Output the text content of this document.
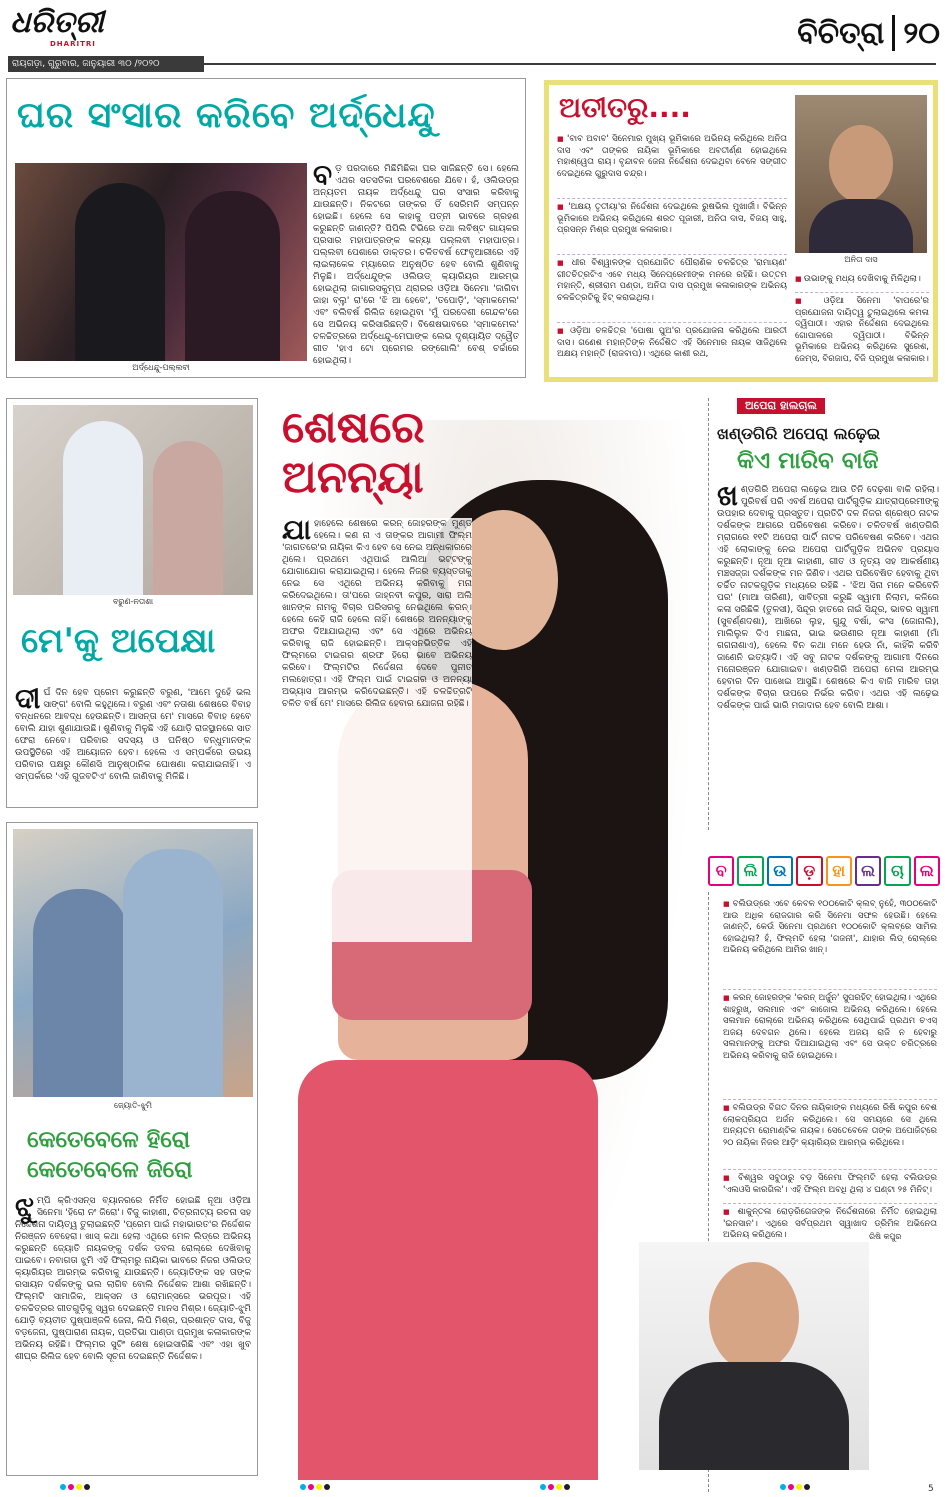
ଧରିତ୍ରୀ
DHARITRI
ରାୟଗଡ଼ା, ଗୁରୁବାର, ଜାନୁୟାରୀ ୩୦ /୨୦୨୦
ବିଚିତ୍ରା ୨୦
ଘର ସଂସାର କରିବେ ଅର୍ଦ୍ଧେନ୍ଦୁ
ଅର୍ଦ୍ଧେନ୍ଦୁ-ପଲ୍ଲବୀ
ବଡ଼ ପରଦାରେ ମିଛିମିଛିକା ଘର ସାଜିଛନ୍ତି ସେ। ହେଲେ ଏଥର ସତସତିକା ଘରବେଶରେ ଯିବେ। ହଁ, ଓଲିଉଡ୍‌ର ଅନ୍ୟତମ ନାୟକ ଅର୍ଦ୍ଧେନ୍ଦୁ ଘର ସଂସାର କରିବାକୁ ଯାଉଛନ୍ତି। ନିକଟରେ ତାଙ୍କର ଡିଁ ସେରିମନି ସମ୍ପନ୍ନ ହୋଇଛି। ହେଲେ ସେ କାହାକୁ ପତ୍ନୀ ଭାବରେ ଗ୍ରହଣ କରୁଛନ୍ତି ଜାଣନ୍ତି? ପିପିଲି ଟିଭିରେ ତଥା ଲବିଷ୍ଟ ଗାୟକର ପ୍ରସାର ମହାପାତ୍ରଙ୍କ କନ୍ୟା ପଲ୍ଲବୀ ମହାପାତ୍ର। ପଲ୍ଲବୀ ପେଶାରେ ଡାକ୍ତର। ଚଳିତବର୍ଷ ଫେବୃଆରୀରେ ଏହି ଲାଇଲାକେକ ମ୍ୟାରେଜ ଅନୁଷ୍ଠିତ ହେବ ବୋଲି ଶୁଣିବାକୁ ମିଳୁଛି। ଅର୍ଦ୍ଧେନ୍ଦୁଙ୍କ ଓଲିଉଡ୍ କ୍ୟାରିୟର ଆରମ୍ଭ ହୋଇଥିଲା ଜାଗାରସକୁମ୍ପ ଥ୍ରାରର ଓଡ଼ିଆ ସିନେମା 'ଜାଗିବା ଜାହା ବ୍ଲୁ' ରା'ରେ 'ଝି ଆ ହେବେ', 'ତପୋଡ଼ି', 'ସ୍ମାକମେଲ' ଏବଂ ବଲିବର୍ଷ ରିଲିଜ ହୋଇଥିବା 'ମୁଁ ପରଦେଶୀ ଗେନ୍ଦଳ'ରେ ସେ ଅଭିନୟ କରିସାରିଛନ୍ତି। ବିଶେଷଭାବରେ 'ସ୍ମାକମେଲ' ଚଳଚ୍ଚିତ୍ରରେ ଅର୍ଦ୍ଧେନ୍ଦୁ-ମେଘାଙ୍କ ଲେଭ ଦୃଶ୍ୟାୟିତ ଦ୍ୱୈତ ଗୀତ 'ହାଏ ଟୋ ପ୍ରେମର ରଙ୍ଗୋଲି' ବେଶ୍ ଚର୍ଚ୍ଚାରେ ହୋଇଥିଲା।
ଅତୀତରୁ....
ଅନିତା ଦାସ
■ 'ବାବ ଅବାବ' ସିନେମାର ମୁଖ୍ୟ ଭୂମିକାରେ ଅଭିନୟ କରିଥିଲେ ଅନିତା ଦାସ ଏବଂ ତାଙ୍କର ନାୟିକା ଭୂମିକାରେ ଅବତୀର୍ଣ୍ଣ ହୋଇଥିଲେ ମହାଶ୍ୱେତା ରାୟ। ବୃନ୍ଦାବନ ଜେନା ନିର୍ଦ୍ଦେଶନା ଦେଇଥିବା ବେଳେ ସଙ୍ଗୀତ ଦେଇଥିଲେ ଗୁରୁଦାସ ଚନ୍ଦ୍ର।
■ 'ଅକ୍ଷୟ ତୃତୀୟା'ର ନିର୍ଦ୍ଦେଶନା ଦେଇଥିଲେ ରୁଷଭିଲ ମୁଖାର୍ଜୀ। ବିଭିନ୍ନ ଭୂମିକାରେ ଅଭିନୟ କରିଥିଲେ ଶରତ ପୂଜାରୀ, ଅନିତା ଦାସ, ବିଜୟ ସାହୁ, ପ୍ରସନ୍ନ ମିଶ୍ର ପ୍ରମୁଖ କଳାକାର।
■ ଧୀର ବିଶ୍ୱାଳଙ୍କ ପ୍ରଯୋଜିତ ପୌରାଣିକ ଚଳଚ୍ଚିତ୍ର 'ରାମାୟଣ' ଗୀତଚିତ୍ରଟିଏ ଏବେ ମଧ୍ୟ ସିନେପ୍ରେମୀଙ୍କ ମନରେ ରହିଛି। ଉତ୍ତମ ମହାନ୍ତି, ଶ୍ରୀରାମ ପଣ୍ଡା, ଅନିତା ଦାସ ପ୍ରମୁଖ କଳାକାରଙ୍କ ଅଭିନୟ ଚଳଚ୍ଚିତ୍ରଟିକୁ ହିଟ୍ କରାଇଥିଲା।
■ ଓଡ଼ିଆ ଚଳଚ୍ଚିତ୍ର 'ପୋଷା ପୁଅ'ର ପ୍ରଯୋଜନା କରିଥିଲେ ଆରତୀ ଦାସ। ଗଣେଶ ମହାନ୍ତିଙ୍କ ନିର୍ଦ୍ଦେଶିତ ଏହି ସିନେମାର ନାୟକ ସାଜିଥିଲେ ଅକ୍ଷୟ ମହାନ୍ତି (ରାଜବାପ)। ଏଥିରେ କାଶୀ ରଥ,
■ ଉଭାଙ୍କୁ ମଧ୍ୟ ଦେଖିବାକୁ ମିଳିଥିଲା।
■ ଓଡ଼ିଆ ସିନେମା 'ବାପରେ'ର ପ୍ରଯୋଜନା ଦାୟିତ୍ୱ ତୁଲାଇଥିଲେ କମଳା ଦ୍ୱିପାଠୀ। ଏହାର ନିର୍ଦ୍ଦେଶନା ଦେଇଥିଲେ ଗୋପାଳରେ ଦ୍ୱିପାଠୀ। ବିଭିନ୍ନ ଭୂମିକାରେ ଅଭିନୟ କରିଥିଲେ ସୁରେଶ, ଜେମ୍ସ, ବିରଜାପ, ବିଜି ପ୍ରମୁଖ କଳାକାର।
ବରୁଣ-ନତାଶା
ମେ'କୁ ଅପେକ୍ଷା
ଦୀର୍ଘ ଦିନ ହେବ ପ୍ରେମ କରୁଛନ୍ତି ବରୁଣ, 'ଆମେ ଦୁହେଁ ଭଲ ସାଙ୍ଗ' ବୋଲି କହୁଥିଲେ। ବରୁଣ ଏବଂ ନତାଶା ଶେଷରେ ବିବାହ ବନ୍ଧନରେ ଆବଦ୍ଧ ହେଉଛନ୍ତି। ଆସନ୍ତା ମେ' ମାସରେ ବିବାହ ହେବେ ବୋଲି ଯାହା ଶୁଣାଯାଉଛି। ଶୁଣିବାକୁ ମିଳୁଛି ଏହି ଯୋଡ଼ି ରାଜସ୍ଥାନରେ ସାତ ଫେରା ନେବେ। ପରିବାର ସଦସ୍ୟ ଓ ଘନିଷ୍ଠ ବନ୍ଧୁମାନଙ୍କ ଉପସ୍ଥିତିରେ ଏହି ଆୟୋଜନ ହେବ। ହେଲେ ଏ ସମ୍ପର୍କରେ ଉଭୟ ପରିବାର ପକ୍ଷରୁ କୌଣସି ଆନୁଷ୍ଠାନିକ ଘୋଷଣା କରାଯାଇନାହିଁ। ଏ ସମ୍ପର୍କରେ 'ଏହି ଗୁଜବଟିଏ' ବୋଲି ଜାଣିବାକୁ ମିଳିଛି।
ଜ୍ୟୋତି-ଝୁମି
କେତେବେଳେ ହିରୋ
କେତେବେଳେ ଜିରୋ
ଝୁମ୍ପି କ୍ରିଏସନ୍ସ ବ୍ୟାନରରେ ନିର୍ମିତ ହୋଇଛି ନୂଆ ଓଡ଼ିଆ ସିନେମା 'ହିରୋ ନଂ ଜିରୋ'। ବିଜୁ କାହାଣୀ, ଚିତ୍ରନାଟ୍ୟ ରଚନା ସହ ନିର୍ଦ୍ଦେଶନା ଦାୟିତ୍ୱ ତୁଲାଇଛନ୍ତି 'ପ୍ରେମ ପାଇଁ ମହାଭାରତ'ର ନିର୍ଦ୍ଦେଶକ ନିରଞ୍ଜନ ବେହେରା। ଖାସ୍ କଥା ହେଲା ଏଥିରେ ମେଳ ଲିଡ୍‌ରେ ଅଭିନୟ କରୁଛନ୍ତି ଜ୍ୟୋତି ନାୟକଙ୍କୁ ଦର୍ଶକ ଡବଲ ରୋଲ୍‌ରେ ଦେଖିବାକୁ ପାଇବେ। ନବାଗତା ଝୁମି ଏହି ଫିଲ୍ମରୁ ନାୟିକା ଭାବରେ ନିଜର ଓଲିଉଡ୍ କ୍ୟାରିୟର ଆରମ୍ଭ କରିବାକୁ ଯାଉଛନ୍ତି। ଜ୍ୟୋତିଙ୍କ ସହ ତାଙ୍କ ରସାୟନ ଦର୍ଶକଙ୍କୁ ଭଲ ଲାଗିବ ବୋଲି ନିର୍ଦ୍ଦେଶକ ଆଶା ରଖିଛନ୍ତି। ଫିଲ୍ମଟି ସାମାଜିକ, ଆକ୍ସନ ଓ ରୋମାନ୍ସରେ ଭରପୂର। ଏହି ଚଳଚ୍ଚିତ୍ରର ଗୀତଗୁଡ଼ିକୁ ସ୍ୱର ଦେଇଛନ୍ତି ମାନସ ମିଶ୍ର। ଜ୍ୟୋତି-ଝୁମି ଯୋଡ଼ି ବ୍ୟତୀତ ପୁଷ୍ପାଞ୍ଜଳି ଜେନା, ଲିପି ମିଶ୍ର, ପ୍ରଶାନ୍ତ ଦାସ, ବିଜୁ ବଡ଼ଜେନା, ପୁଷ୍ପାରାଣ ନାୟକ, ପ୍ରତିଭା ପାଣ୍ଡା ପ୍ରମୁଖ କଳାକାରଙ୍କ ଅଭିନୟ ରହିଛି। ଫିଲ୍ମର ସୁଟିଂ ଶେଷ ହୋଇସାରିଛି ଏବଂ ଏହା ଖୁବ ଶୀଘ୍ର ରିଲିଜ ହେବ ବୋଲି ସୂଚନା ଦେଇଛନ୍ତି ନିର୍ଦ୍ଦେଶକ।
ଶେଷରେ
ଅନନ୍ୟା
ଯାହାହେଲେ ଶେଷରେ କରନ୍ ଜୋହରଙ୍କ ମୁଣ୍ଡ ହେଲେ। କଣ ନା ଏ ତାଙ୍କର ଆଗାମୀ ଫିଲ୍ମ 'ଜାଗତରେ'ର ନାୟିକା କିଏ ହେବ ସେ ନେଇ ଅନ୍ଧକାରରେ ଥିଲେ। ପ୍ରଥମେ ଏଥିପାଇଁ ଆଲିଆ ଭଟ୍ଟଙ୍କୁ ଯୋଗାଯୋଗ କରାଯାଇଥିଲା। ହେଲେ ନିଜର ବ୍ୟସ୍ତତାକୁ ନେଇ ସେ ଏଥିରେ ଅଭିନୟ କରିବାକୁ ମନା କରିଦେଇଥିଲେ। ତା'ପରେ ଜାହ୍ନବୀ କପୁର, ସାରା ଅଲି ଖାନଙ୍କ ନାମକୁ ବିଚାର ପରିସରକୁ ନେଇଥିଲେ କରନ୍। ହେଲେ କେହି ରାଜି ହେଲେ ନାହିଁ। ଶେଷରେ ଅନନ୍ୟାଙ୍କୁ ଅଫର ଦିଆଯାଇଥିଲା ଏବଂ ସେ ଏଥିରେ ଅଭିନୟ କରିବାକୁ ରାଜି ହୋଇଛନ୍ତି। ଆକ୍ସନଭିତ୍ତିକ ଏହି ଫିଲ୍ମରେ ଟାଇଗର ଶ୍ରଫ ହିରୋ ଭାବେ ଅଭିନୟ କରିବେ। ଫିଲ୍ମଟିର ନିର୍ଦ୍ଦେଶନା ଦେବେ ପୁନୀତ ମଲହୋତ୍ରା। ଏହି ଫିଲ୍ମ ପାଇଁ ଟାଇଗର ଓ ଅନନ୍ୟା ଅଭ୍ୟାସ ଆରମ୍ଭ କରିଦେଇଛନ୍ତି। ଏହି ଚଳଚ୍ଚିତ୍ରଟି ଚଳିତ ବର୍ଷ ମେ' ମାସରେ ରିଲିଜ ହେବାର ଯୋଜନା ରହିଛି।
ଅପେରା ହାଲଚାଲ
ଖଣ୍ଡଗିରି ଅପେରା ଲଢ଼େଇ
କିଏ ମାରିବ ବାଜି
ଖଣ୍ଡଗିରି ଅପେରା ଲଢ଼େଇ ଆଉ ତିନି ଦେଢ଼ଶା ବାକି ରହିଲା। ପୁରିବର୍ଷ ପରି ଏବର୍ଷ ଅପେରା ପାର୍ଟିଗୁଡ଼ିକ ଯାତ୍ରାପ୍ରେମୀଙ୍କୁ ଉପହାର ଦେବାକୁ ପ୍ରସ୍ତୁତ। ପ୍ରତିଟି ଦଳ ନିଜର ଶ୍ରେଷ୍ଠ ନାଟକ ଦର୍ଶକଙ୍କ ଆଗରେ ପରିବେଷଣ କରିବେ। ଚଳିତବର୍ଷ ଖଣ୍ଡଗିରି ମ୍ରାଗରେ ୧୧ଟି ଅପେରା ପାର୍ଟି ନାଟକ ପରିବେଷଣ କରିବେ। ଏଥର ଏହି ଲୋକାଙ୍କୁ ନେଇ ଅପେରା ପାର୍ଟିଗୁଡ଼ିକ ଅଭିନବ ପ୍ରୟାସ କରୁଛନ୍ତି। ନୂଆ ନୂଆ କାହାଣୀ, ଗୀତ ଓ ନୃତ୍ୟ ସହ ଆକର୍ଷଣୀୟ ମଞ୍ଚସଜ୍ଜା ଦର୍ଶକଙ୍କ ମନ ଜିଣିବ। ଏଥର ପରିବେଷିତ ହେବାକୁ ଥିବା ଚର୍ଚ୍ଚିତ ନାଟକଗୁଡ଼ିକ ମଧ୍ୟରେ ରହିଛି - 'ଝିଅ ସିନା ମନେ କରିବେନି ପର' (ମାଆ ତାରିଣୀ), ସାବିତ୍ରୀ କରୁଛି ସ୍ୱାମୀ ନିଲାମ, କଳିରେ କଳା ସରିଛିକି (ତୁଳସୀ), ସିନ୍ଦୂର ହାତରେ ନାଇଁ ସିନ୍ଦୂର, ଭାବର ସ୍ୱାମୀ (ସୁବର୍ଣ୍ଣଦଶା), ଆଖିରେ ଲୁହ, ଗୁନ୍ଦୁ ବର୍ଷା, କଂସ (ଜୋନାଲି), ମାଲିଲୁଳ ଦିଏ ମାଛନା, ଭାଇ ଭଉଣୀର ନୂଆ କାହାଣୀ (ମାଁ ଗଗନାଶାଏ), ହେଲେ ବିନ କଥା ମନେ ହେଉ ନାଁ, କାହିଁକି କରିବି ଜାଣେନି ଇତ୍ୟାଦି। ଏହି ସବୁ ନାଟକ ଦର୍ଶକଙ୍କୁ ଆଗାମୀ ଦିନରେ ମନୋରଞ୍ଜନ ଯୋଗାଇବ। ଖଣ୍ଡଗିରି ଅପେରା ମେଳା ଆରମ୍ଭ ହେବାର ଦିନ ପାଖେଇ ଆସୁଛି। ଶେଷରେ କିଏ ବାଜି ମାରିବ ତାହା ଦର୍ଶକଙ୍କ ବିଚାର ଉପରେ ନିର୍ଭର କରିବ। ଏଥର ଏହି ଲଢ଼େଇ ଦର୍ଶକଙ୍କ ପାଇଁ ଭାରି ମଜାଦାର ହେବ ବୋଲି ଆଶା।
ବ	ଲି ଉ	ଡ଼	ହା ଲ	ଚା	ଲ
■ ବଲିଉଡ୍‌ରେ ଏବେ କେବଳ ୧୦୦କୋଟି କ୍ଲବ୍ ନୁହେଁ, ୩୦୦କୋଟି ଆଉ ଅଧିକ ରୋଜଗାର କରି ସିନେମା ସଫଳ ହେଉଛି। ହେଲେ ଜାଣନ୍ତି, କେଉଁ ସିନେମା ପ୍ରଥମେ ୧୦୦କୋଟି କ୍ଲବ୍‌ରେ ସାମିଲ ହୋଇଥିଲା? ହଁ, ଫିଲ୍ମଟି ହେଲା 'ଗଜନୀ', ଯାହାର ଲିଡ୍ ରୋଲ୍‌ରେ ଅଭିନୟ କରିଥିଲେ ଆମିର ଖାନ୍।
■ କରନ୍ ଜୋହରଙ୍କ 'କରନ୍ ଅର୍ଜୁନ' ସୁପରହିଟ୍ ହୋଇଥିଲା। ଏଥିରେ ଶାହରୁଖ୍, ସଲମାନ ଏବଂ କାଜୋଲ ଅଭିନୟ କରିଥିଲେ। ହେଲେ ସଲମାନ ରୋଲ୍‌ରେ ଅଭିନୟ କରିଥିଲେ ସେଥିପାଇଁ ପ୍ରଥମ ଚଏସ୍ ଅଜୟ ଦେବଗନ ଥିଲେ। ହେଲେ ଅଜୟ ରାଜି ନ ହେବାରୁ ସଲମାନଙ୍କୁ ଅଫର ଦିଆଯାଇଥିଲା ଏବଂ ସେ ଉକ୍ତ ଚରିତ୍ରରେ ଅଭିନୟ କରିବାକୁ ରାଜି ହୋଇଥିଲେ।
■ ବଲିଉଡ୍‌ର ବିଗତ ଦିନର ନାୟିକାଙ୍କ ମଧ୍ୟରେ ରିଷି କପୁର ବେଶ ଲୋକପ୍ରିୟତା ଅର୍ଜନ କରିଥିଲେ। ସେ ସମୟରେ ସେ ଥିଲେ ଅନ୍ୟତମ ରୋମାଣ୍ଟିକ ନାୟକ। ସେତେବେଳେ ତାଙ୍କ ଅପୋଜିଟ୍‌ରେ ୨୦ ନାୟିକା ନିଜର ଆଡ଼ିଂ କ୍ୟାରିୟର ଆରମ୍ଭ କରିଥିଲେ।
■ ବିଶ୍ୱର ସବୁଠାରୁ ବଡ଼ ସିନେମା ଫିଲ୍ମଟି ହେଲା ବଲିଉଡ୍‌ର 'ଏଲଓସି କାରଗିଲ'। ଏହି ଫିଲ୍ମ ଅବଧି ଥିଲା ୪ ଘଣ୍ଟା ୨୫ ମିନିଟ୍।
■ ଶାକୁନ୍ତଳା ରୋଡ଼ରିଗେଜଙ୍କ ନିର୍ଦ୍ଦେଶନାରେ ନିର୍ମିତ ହୋଇଥିଲା 'ଇନସାନ'। ଏଥିରେ ସର୍ବପ୍ରଥମ ସ୍ୱାଖାଦ ଡ୍ରିମିଳ ଅଭିନେତା ଅଭିନୟ କରିଥିଲେ।	ରିଷି କପୁର
5
